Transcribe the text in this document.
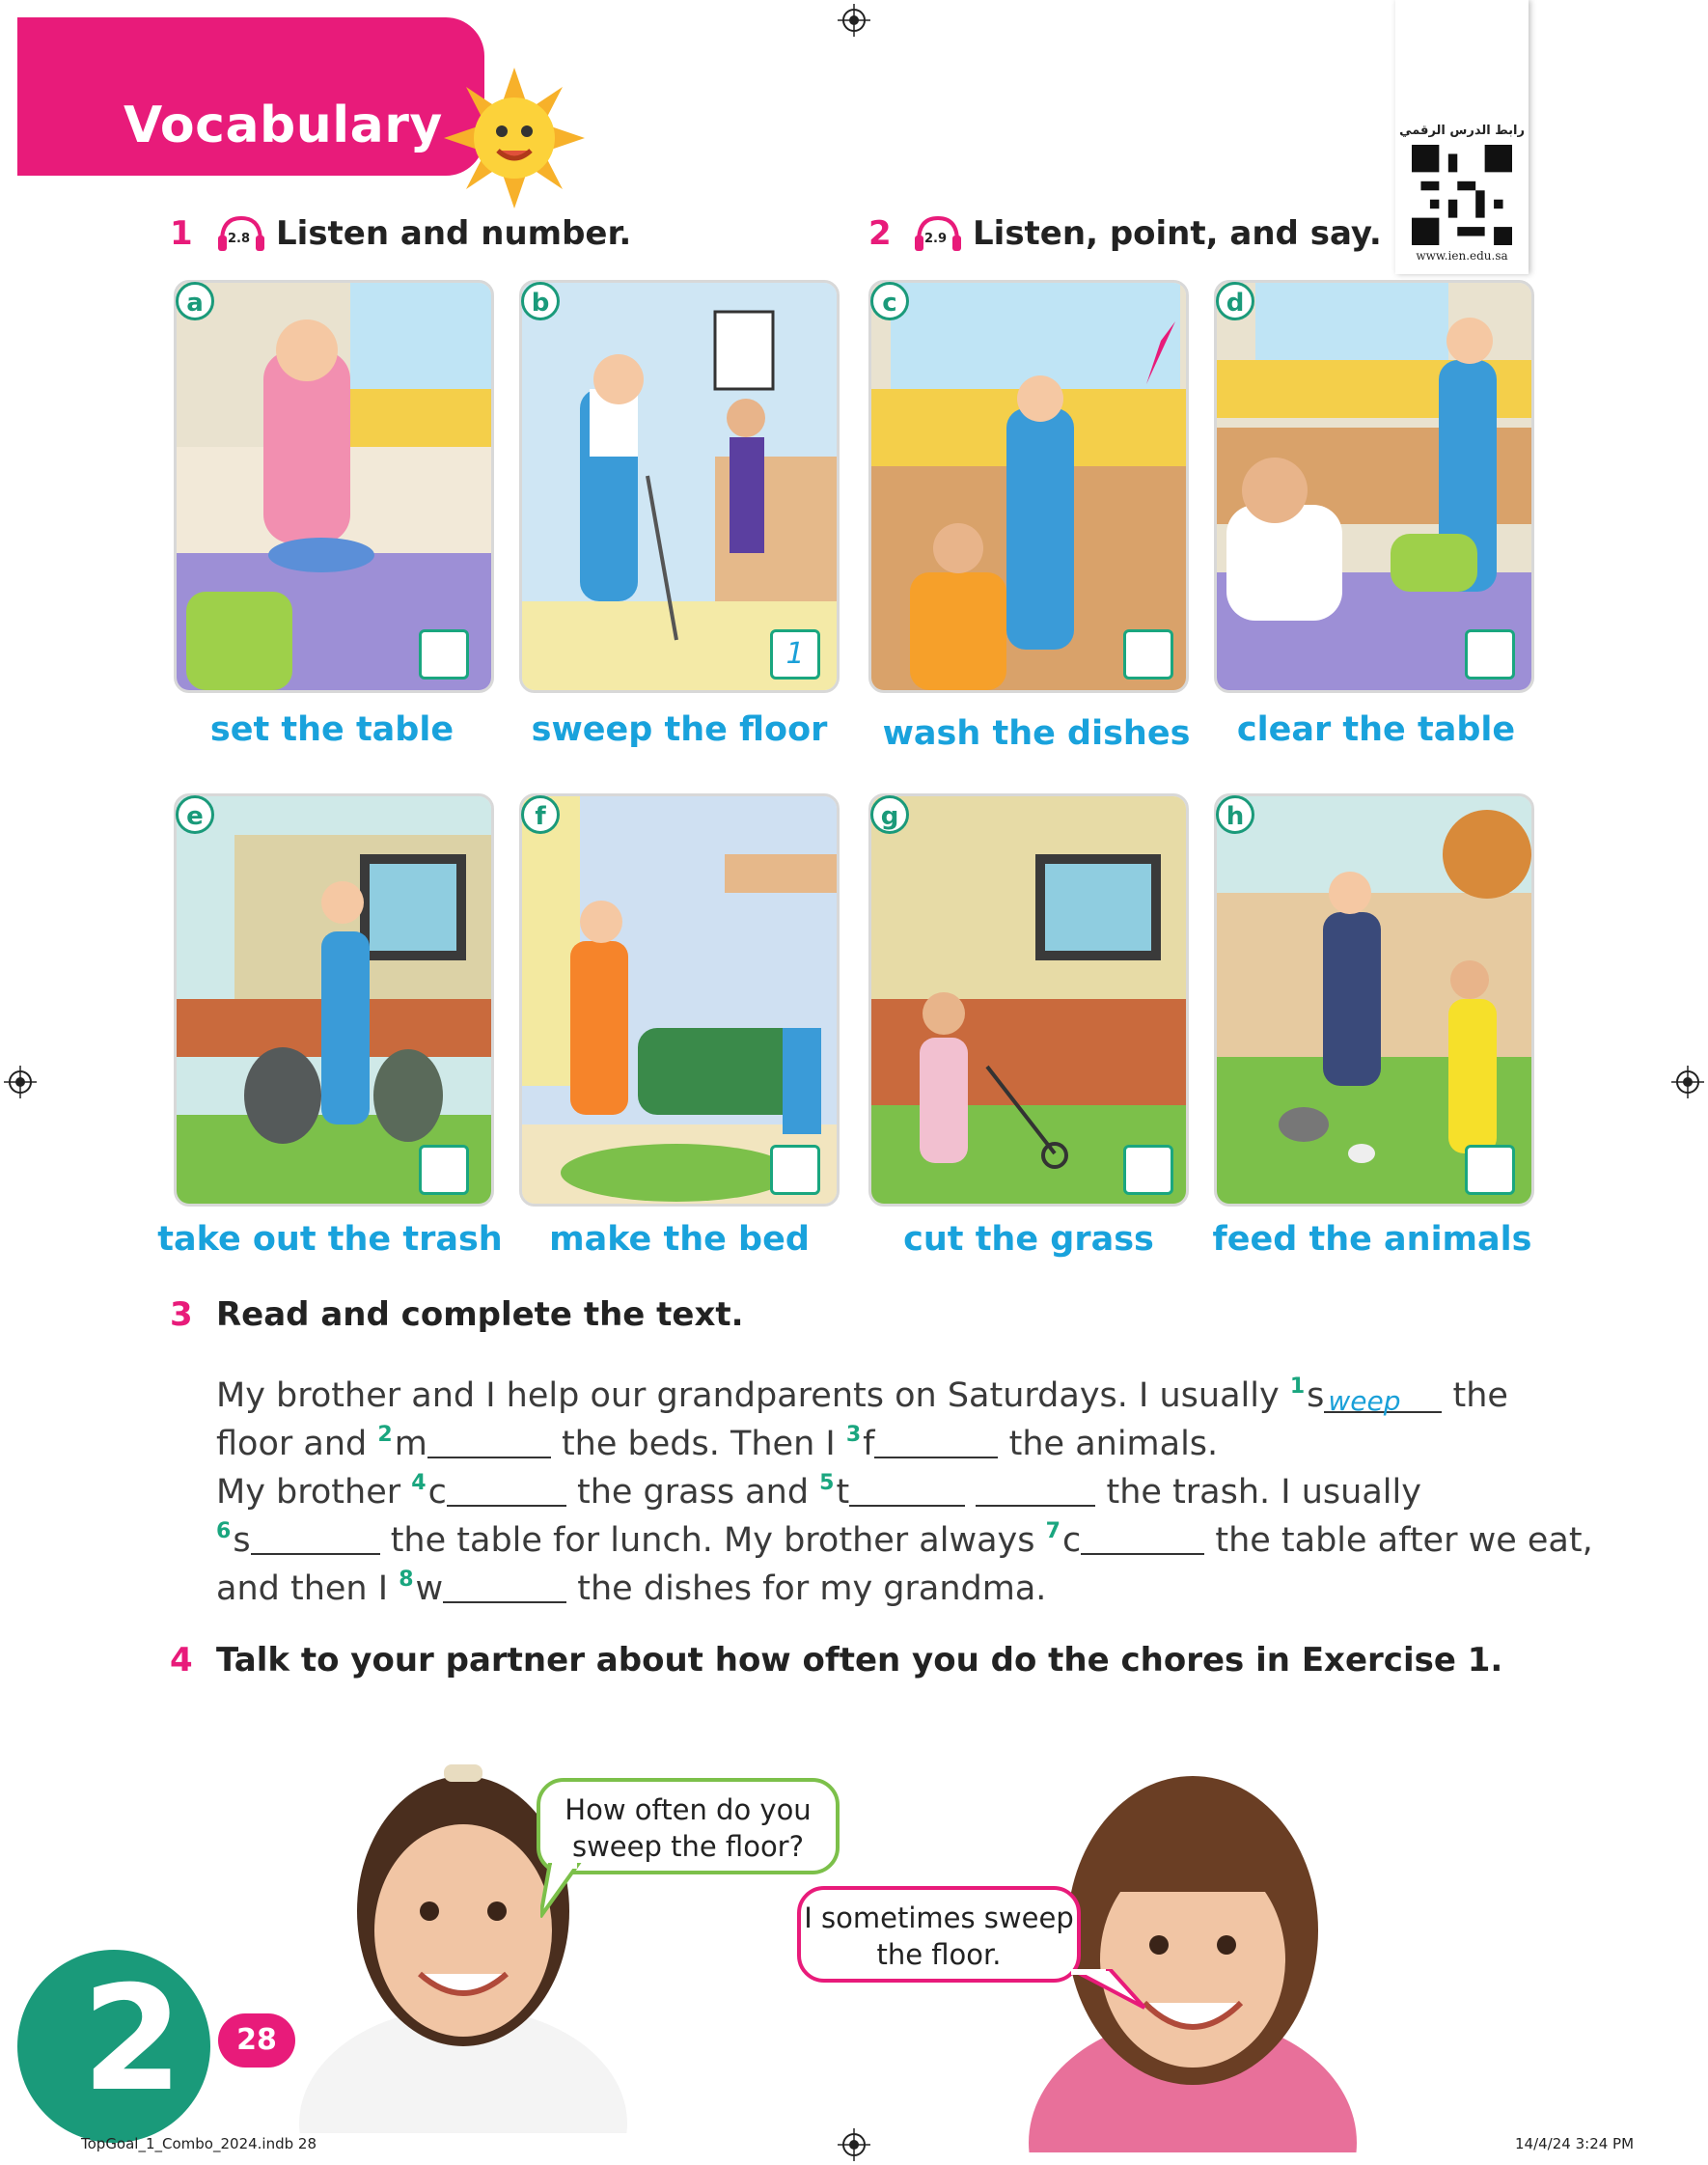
Vocabulary	رابط الدرس الرقمي
www.ien.edu.sa
1	2.8 Listen and number.	2	2.9 Listen, point, and say.
a	b	c	d
1
set the table	sweep the floor	wash the dishes	clear the table
e	f	g	h
take out the trash	make the bed	cut the grass	feed the animals
3 Read and complete the text.
My brother and I help our grandparents on Saturdays. I usually $^1$s weep the
floor and $^2$m	the beds. Then I $^3$f	the animals.
My brother $^4$c	the grass and $^5$t	the trash. I usually
$^6$s	the table for lunch. My brother always $^7$c	the table after we eat,
and then I $^8$w	the dishes for my grandma.
4 Talk to your partner about how often you do the chores in Exercise 1.
How often do you
sweep the floor?
I sometimes sweep
the floor.
2	28
TopGoal_1_Combo_2024.indb 28	14/4/24 3:24 PM
